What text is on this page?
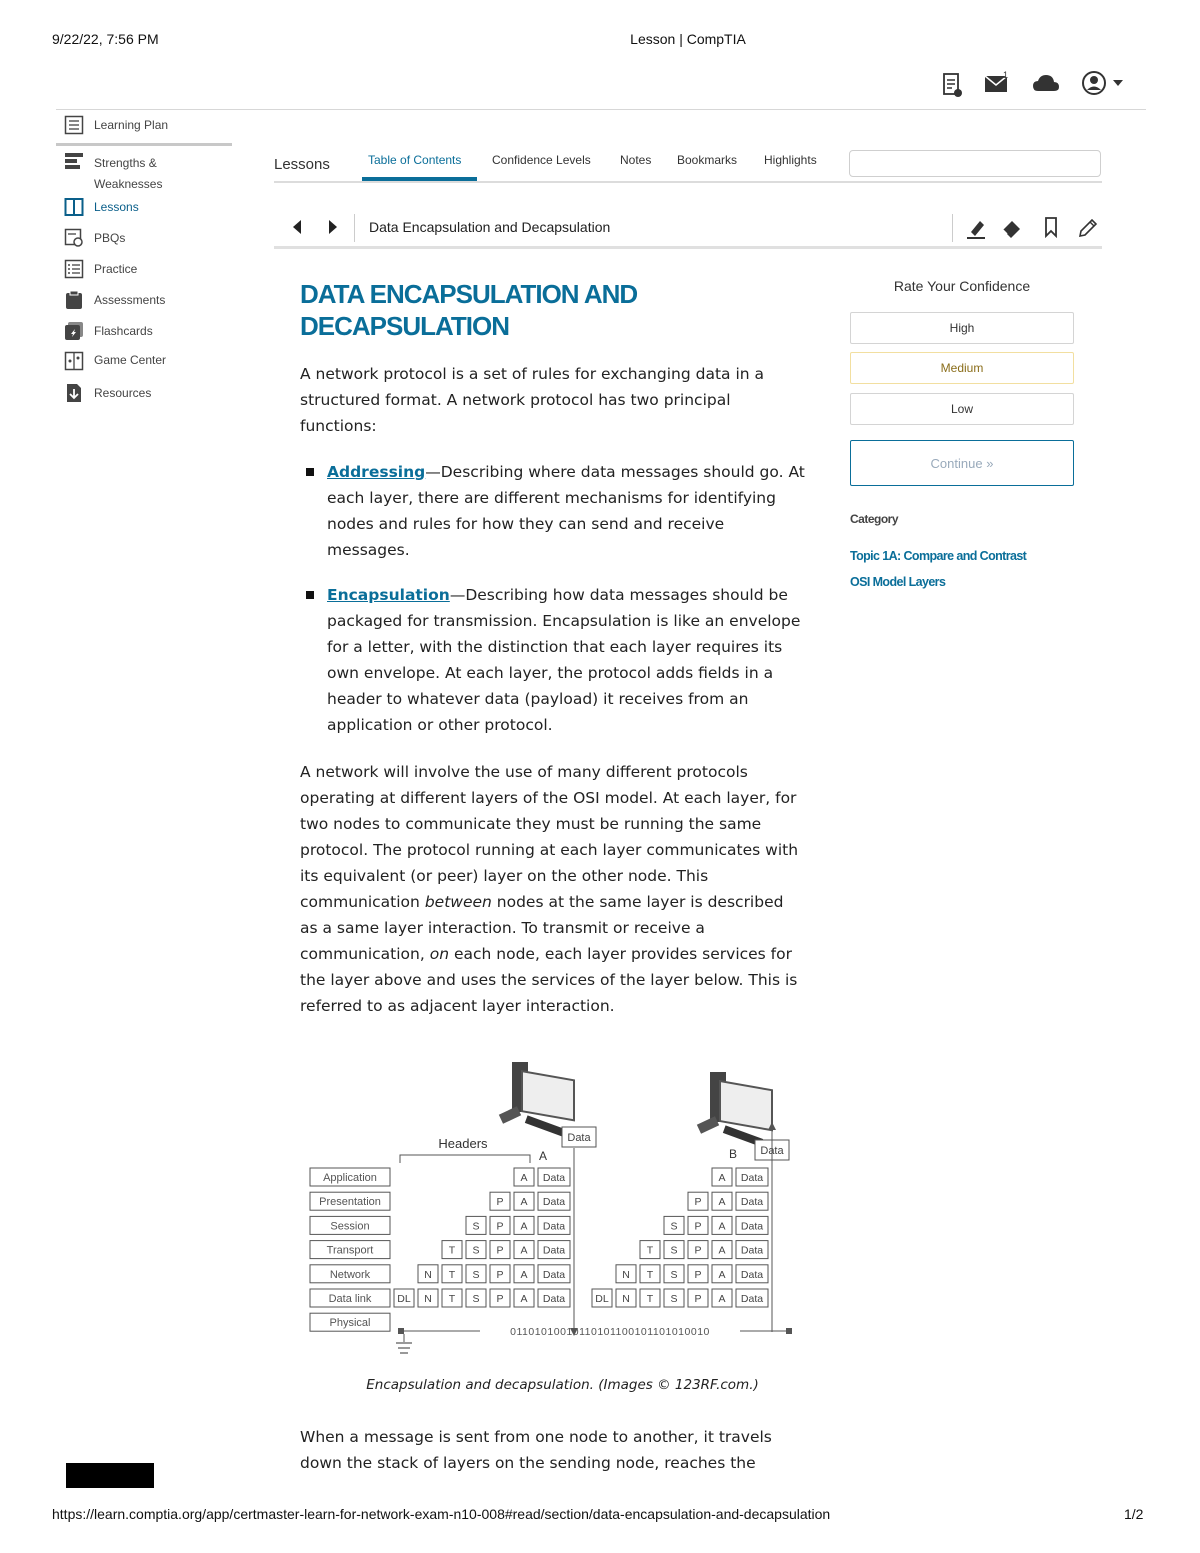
9/22/22, 7:56 PM	Lesson | CompTIA
1
Learning Plan
Strengths &
Weaknesses
Lessons
PBQs
Practice
Assessments
Flashcards
Game Center
Resources
Lessons	Table of Contents	Confidence Levels Notes Bookmarks Highlights
Data Encapsulation and Decapsulation
DATA ENCAPSULATION AND
DECAPSULATION

A network protocol is a set of rules for exchanging data in a

structured format. A network protocol has two principal

functions:

Addressing—Describing where data messages should go. At

each layer, there are different mechanisms for identifying

nodes and rules for how they can send and receive

messages.

Encapsulation—Describing how data messages should be

packaged for transmission. Encapsulation is like an envelope

for a letter, with the distinction that each layer requires its

own envelope. At each layer, the protocol adds fields in a

header to whatever data (payload) it receives from an

application or other protocol.

A network will involve the use of many different protocols

operating at different layers of the OSI model. At each layer, for

two nodes to communicate they must be running the same

protocol. The protocol running at each layer communicates with

its equivalent (or peer) layer on the other node. This

communication between nodes at the same layer is described

as a same layer interaction. To transmit or receive a

communication, on each node, each layer provides services for

the layer above and uses the services of the layer below. This is

referred to as adjacent layer interaction.

Data
Data
Headers
A	B
Application
Presentation
Session
Transport
Network
Data link
Physical
Data
A
Data
A
P
Data
A
P
S
Data
A
P
S
T
Data
A
P
S
T
N
Data
A
P
S
T
N
DL
Data
A
Data
A
P
Data
A
P
S
Data
A
P
S
T
Data
A
P
S
T
N
Data
A
P
S
T
N
DL
01101010010110101100101101010010
Encapsulation and decapsulation. (Images © 123RF.com.)

When a message is sent from one node to another, it travels

down the stack of layers on the sending node, reaches the

Rate Your Confidence
High
Medium
Low
Continue »
Category
Topic 1A: Compare and Contrast
OSI Model Layers
https://learn.comptia.org/app/certmaster-learn-for-network-exam-n10-008#read/section/data-encapsulation-and-decapsulation	1/2
